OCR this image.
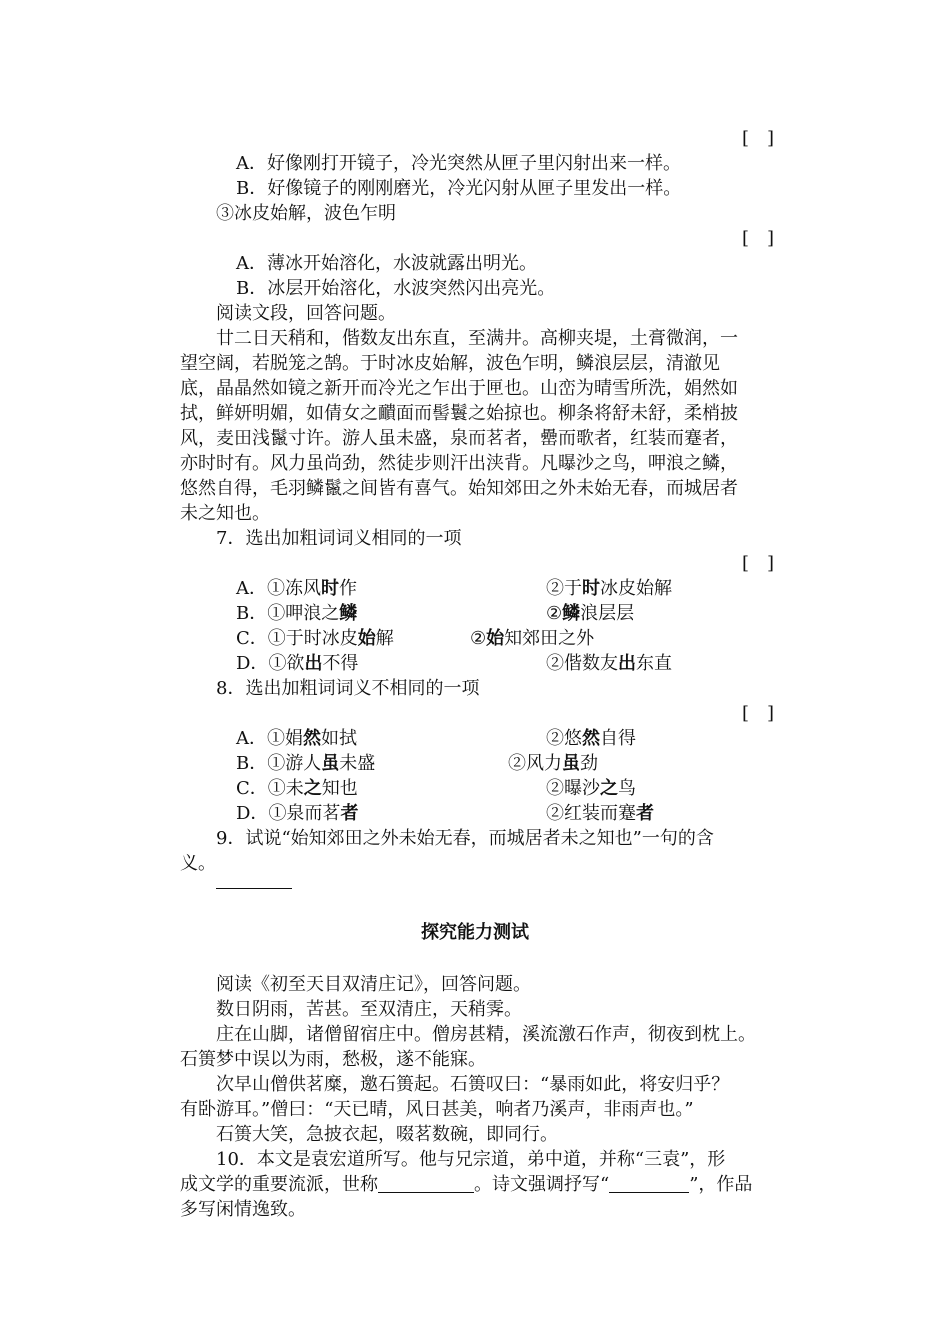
[　]
A．好像刚打开镜子，冷光突然从匣子里闪射出来一样。
B．好像镜子的刚刚磨光，冷光闪射从匣子里发出一样。
③冰皮始解，波色乍明
[　]
A．薄冰开始溶化，水波就露出明光。
B．冰层开始溶化，水波突然闪出亮光。
阅读文段，回答问题。
廿二日天稍和，偕数友出东直，至满井。高柳夹堤，土膏微润，一
望空阔，若脱笼之鹄。于时冰皮始解，波色乍明，鳞浪层层，清澈见
底，晶晶然如镜之新开而冷光之乍出于匣也。山峦为晴雪所洗，娟然如
拭，鲜妍明媚，如倩女之靧面而髻鬟之始掠也。柳条将舒未舒，柔梢披
风，麦田浅鬣寸许。游人虽未盛，泉而茗者，罍而歌者，红装而蹇者，
亦时时有。风力虽尚劲，然徒步则汗出浃背。凡曝沙之鸟，呷浪之鳞，
悠然自得，毛羽鳞鬣之间皆有喜气。始知郊田之外未始无春，而城居者
未之知也。
7．选出加粗词词义相同的一项
[　]
A．①冻风时作	②于时冰皮始解
B．①呷浪之鳞	②鳞浪层层
C．①于时冰皮始解	②始知郊田之外
D．①欲出不得	②偕数友出东直
8．选出加粗词词义不相同的一项
[　]
A．①娟然如拭	②悠然自得
B．①游人虽未盛	②风力虽劲
C．①未之知也	②曝沙之鸟
D．①泉而茗者	②红装而蹇者
9．试说“始知郊田之外未始无春，而城居者未之知也”一句的含
义。
探究能力测试
阅读《初至天目双清庄记》，回答问题。
数日阴雨，苦甚。至双清庄，天稍霁。
庄在山脚，诸僧留宿庄中。僧房甚精，溪流激石作声，彻夜到枕上。
石篑梦中误以为雨，愁极，遂不能寐。
次早山僧供茗糜，邀石篑起。石篑叹曰：“暴雨如此，将安归乎？
有卧游耳。”僧曰：“天已晴，风日甚美，响者乃溪声，非雨声也。”
石篑大笑，急披衣起，啜茗数碗，即同行。
10．本文是袁宏道所写。他与兄宗道，弟中道，并称“三袁”，形
成文学的重要流派，世称	。诗文强调抒写“	”，作品
多写闲情逸致。
